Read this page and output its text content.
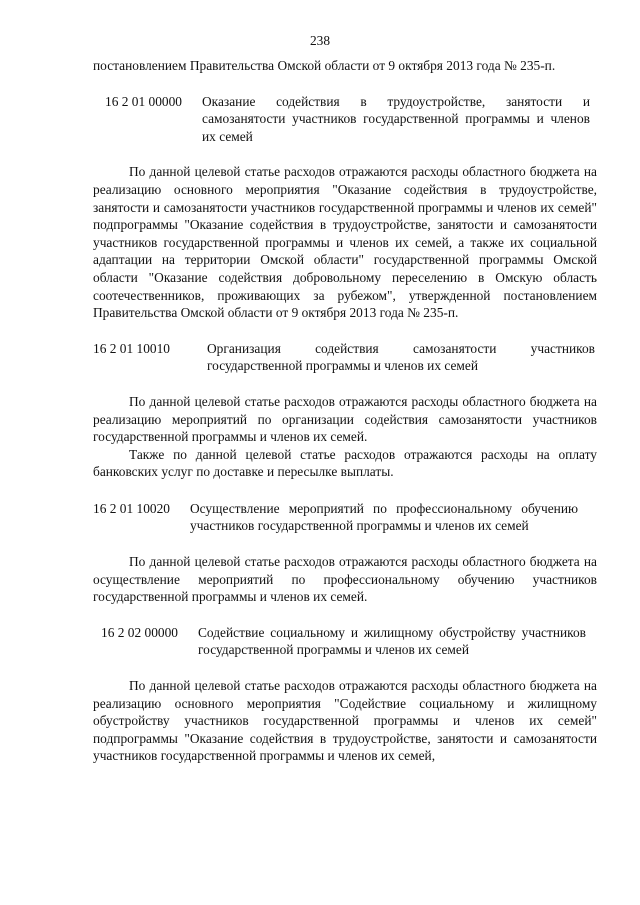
238

постановлением Правительства Омской области от 9 октября 2013 года № 235-п.

16 2 01 00000	Оказание содействия в трудоустройстве, занятости и самозанятости участников государственной программы и членов их семей

По данной целевой статье расходов отражаются расходы областного бюджета на реализацию основного мероприятия "Оказание содействия в трудоустройстве, занятости и самозанятости участников государственной программы и членов их семей" подпрограммы "Оказание содействия в трудоустройстве, занятости и самозанятости участников государственной программы и членов их семей, а также их социальной адаптации на территории Омской области" государственной программы Омской области "Оказание содействия добровольному переселению в Омскую область соотечественников, проживающих за рубежом", утвержденной постановлением Правительства Омской области от 9 октября 2013 года № 235-п.

16 2 01 10010	Организация содействия самозанятости участников государственной программы и членов их семей

По данной целевой статье расходов отражаются расходы областного бюджета на реализацию мероприятий по организации содействия самозанятости участников государственной программы и членов их семей.

Также по данной целевой статье расходов отражаются расходы на оплату банковских услуг по доставке и пересылке выплаты.

16 2 01 10020	Осуществление мероприятий по профессиональному обучению участников государственной программы и членов их семей

По данной целевой статье расходов отражаются расходы областного бюджета на осуществление мероприятий по профессиональному обучению участников государственной программы и членов их семей.

16 2 02 00000	Содействие социальному и жилищному обустройству участников государственной программы и членов их семей

По данной целевой статье расходов отражаются расходы областного бюджета на реализацию основного мероприятия "Содействие социальному и жилищному обустройству участников государственной программы и членов их семей" подпрограммы "Оказание содействия в трудоустройстве, занятости и самозанятости участников государственной программы и членов их семей,
